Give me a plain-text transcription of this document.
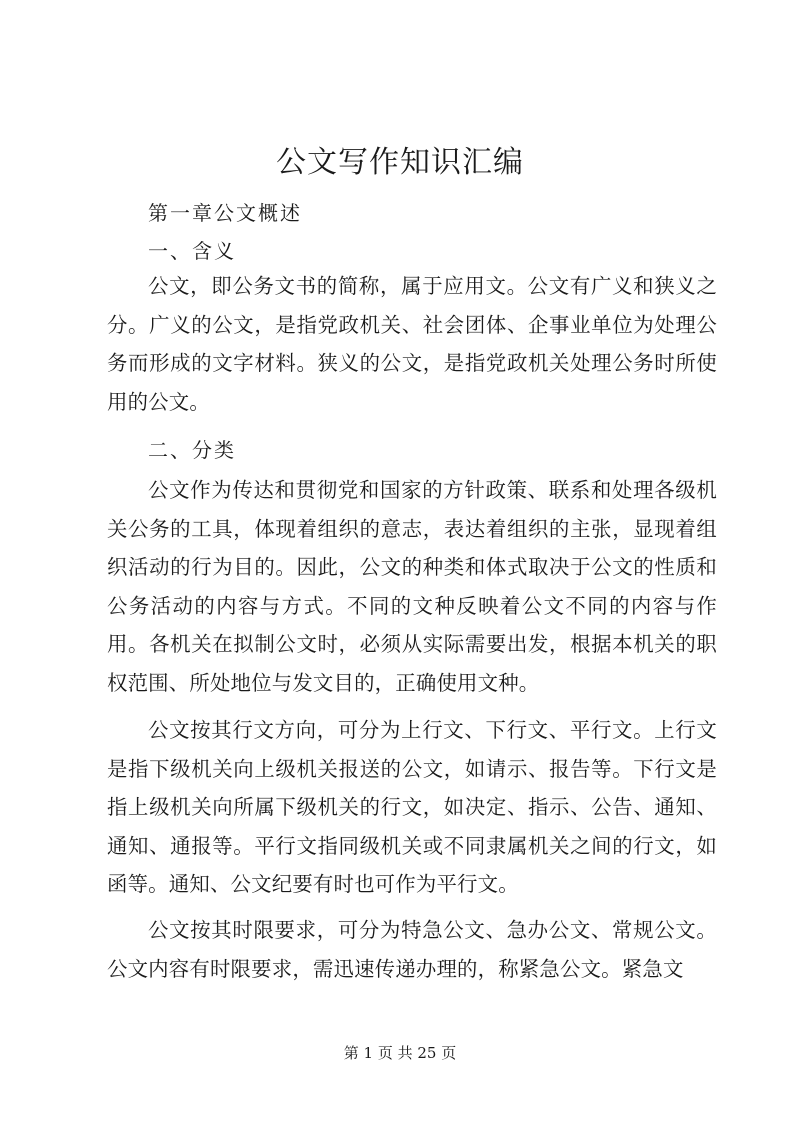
公文写作知识汇编

第一章公文概述

一、含义

公文，即公务文书的简称，属于应用文。公文有广义和狭义之分。广义的公文，是指党政机关、社会团体、企事业单位为处理公务而形成的文字材料。狭义的公文，是指党政机关处理公务时所使用的公文。

二、分类

公文作为传达和贯彻党和国家的方针政策、联系和处理各级机关公务的工具，体现着组织的意志，表达着组织的主张，显现着组织活动的行为目的。因此，公文的种类和体式取决于公文的性质和公务活动的内容与方式。不同的文种反映着公文不同的内容与作用。各机关在拟制公文时，必须从实际需要出发，根据本机关的职权范围、所处地位与发文目的，正确使用文种。

公文按其行文方向，可分为上行文、下行文、平行文。上行文是指下级机关向上级机关报送的公文，如请示、报告等。下行文是指上级机关向所属下级机关的行文，如决定、指示、公告、通知、通知、通报等。平行文指同级机关或不同隶属机关之间的行文，如函等。通知、公文纪要有时也可作为平行文。

公文按其时限要求，可分为特急公文、急办公文、常规公文。公文内容有时限要求，需迅速传递办理的，称紧急公文。紧急文

第 1 页 共 25 页
